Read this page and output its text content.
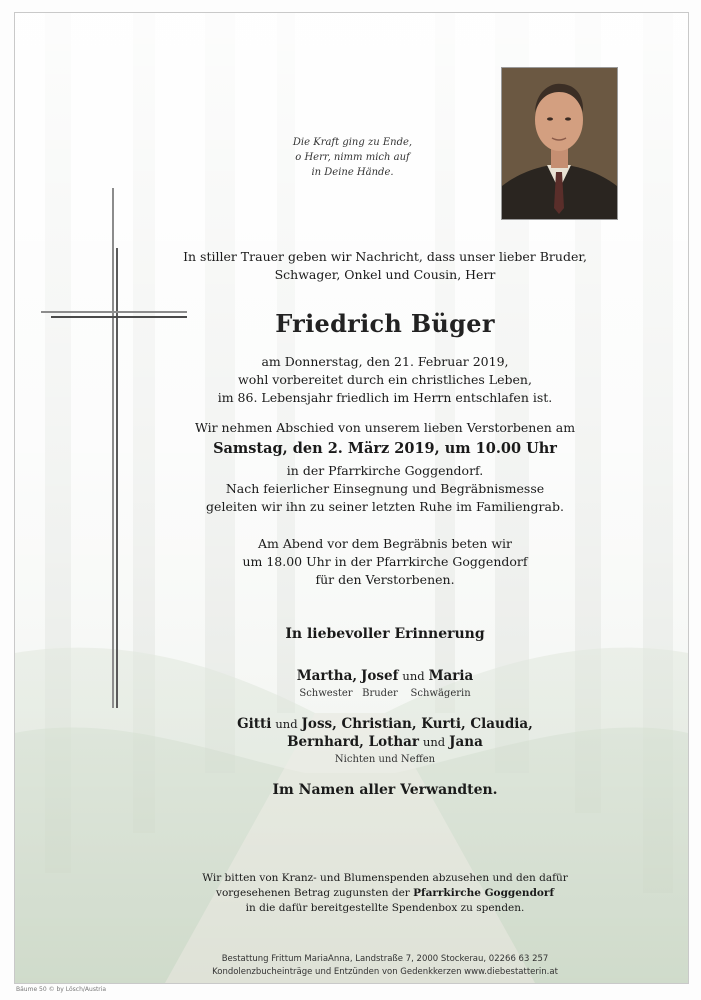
Die Kraft ging zu Ende,
o Herr, nimm mich auf
in Deine Hände.
In stiller Trauer geben wir Nachricht, dass unser lieber Bruder,
Schwager, Onkel und Cousin, Herr
Friedrich Büger
am Donnerstag, den 21. Februar 2019,
wohl vorbereitet durch ein christliches Leben,
im 86. Lebensjahr friedlich im Herrn entschlafen ist.
Wir nehmen Abschied von unserem lieben Verstorbenen am
Samstag, den 2. März 2019, um 10.00 Uhr
in der Pfarrkirche Goggendorf.
Nach feierlicher Einsegnung und Begräbnismesse
geleiten wir ihn zu seiner letzten Ruhe im Familiengrab.
Am Abend vor dem Begräbnis beten wir
um 18.00 Uhr in der Pfarrkirche Goggendorf
für den Verstorbenen.
In liebevoller Erinnerung
Martha, Josef und Maria
Schwester Bruder Schwägerin
Gitti und Joss, Christian, Kurti, Claudia,
Bernhard, Lothar und Jana
Nichten und Neffen
Im Namen aller Verwandten.
Wir bitten von Kranz- und Blumenspenden abzusehen und den dafür
vorgesehenen Betrag zugunsten der Pfarrkirche Goggendorf
in die dafür bereitgestellte Spendenbox zu spenden.
Bestattung Frittum MariaAnna, Landstraße 7, 2000 Stockerau, 02266 63 257
Kondolenzbucheinträge und Entzünden von Gedenkkerzen www.diebestatterin.at
Bäume 50 © by Lösch/Austria
